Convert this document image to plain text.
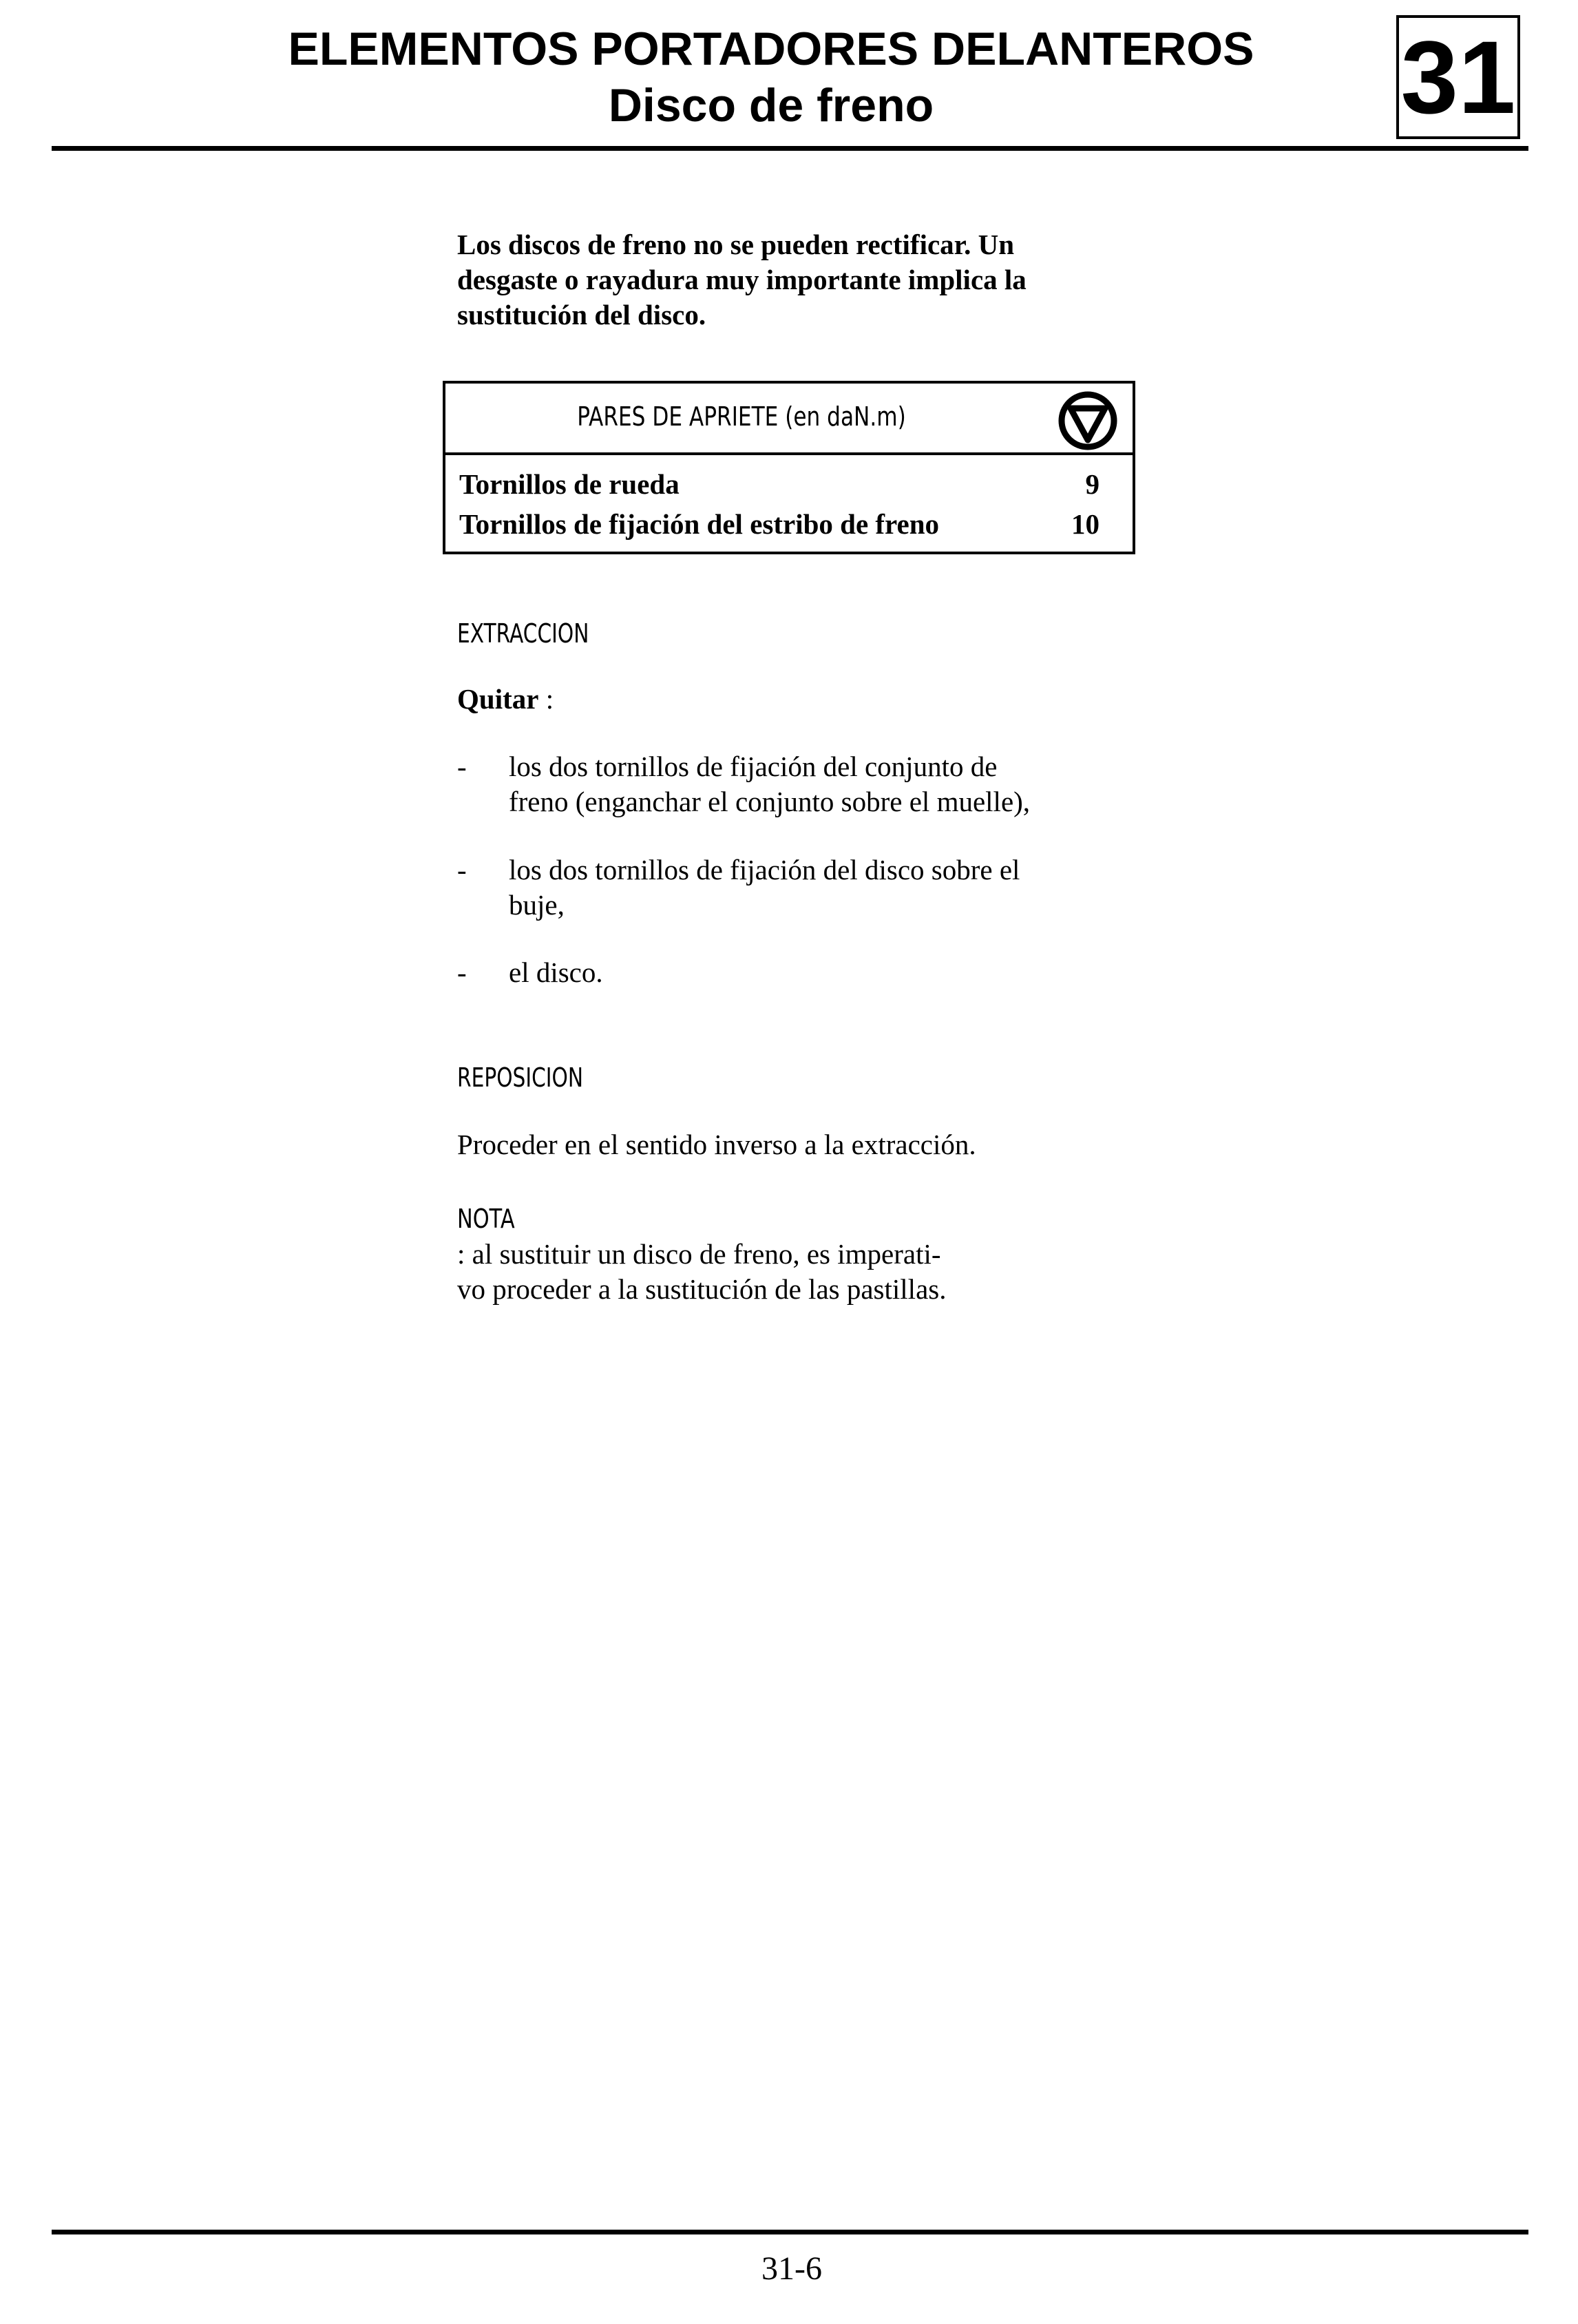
ELEMENTOS PORTADORES DELANTEROS
Disco de freno	31
Los discos de freno no se pueden rectificar. Un
desgaste o rayadura muy importante implica la
sustitución del disco.
PARES DE APRIETE (en daN.m)
Tornillos de rueda	9
Tornillos de fijación del estribo de freno	10
EXTRACCION
Quitar :
- los dos tornillos de fijación del conjunto de
freno (enganchar el conjunto sobre el muelle),
- los dos tornillos de fijación del disco sobre el
buje,
- el disco.
REPOSICION
Proceder en el sentido inverso a la extracción.
NOTA
: al sustituir un disco de freno, es imperati-
vo proceder a la sustitución de las pastillas.
31-6
